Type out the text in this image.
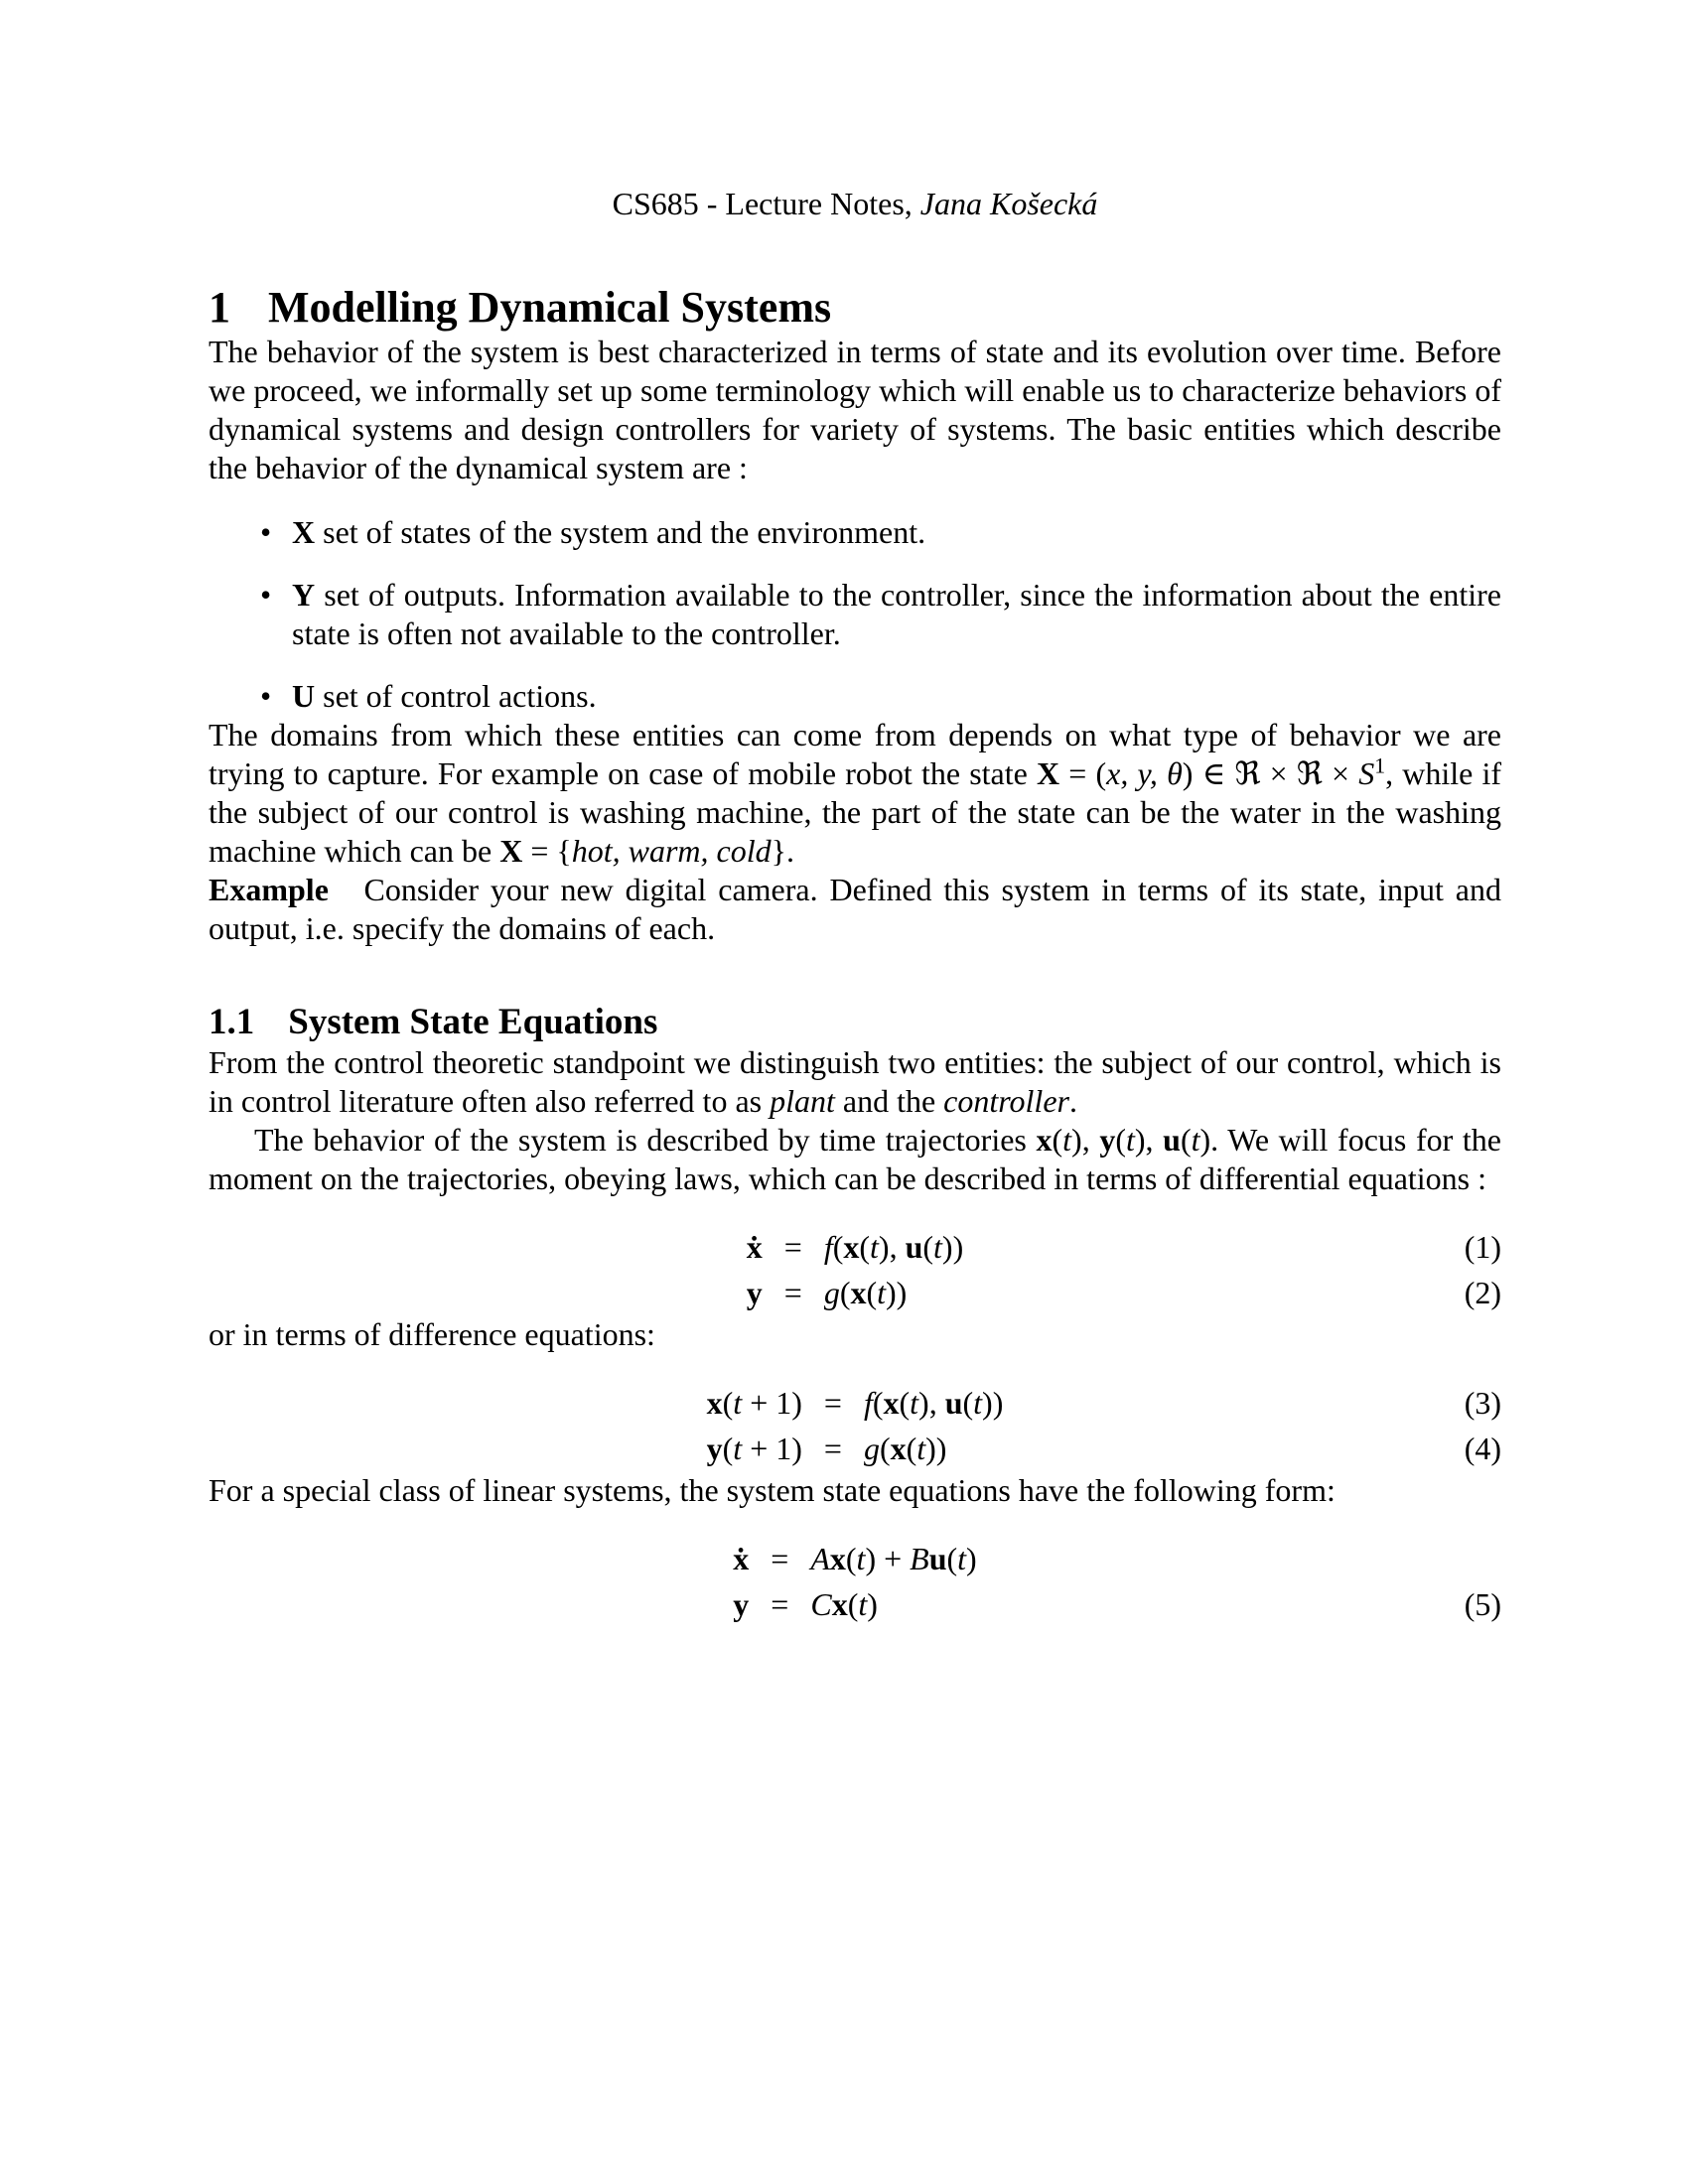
CS685 - Lecture Notes, Jana Košecká
1 Modelling Dynamical Systems

The behavior of the system is best characterized in terms of state and its evolution over time. Before we proceed, we informally set up some terminology which will enable us to characterize behaviors of dynamical systems and design controllers for variety of systems. The basic entities which describe the behavior of the dynamical system are :

• X set of states of the system and the environment.
• Y set of outputs. Information available to the controller, since the information about the entire state is often not available to the controller.
• U set of control actions.

The domains from which these entities can come from depends on what type of behavior we are trying to capture. For example on case of mobile robot the state X = (x, y, θ) ∈ ℜ × ℜ × $S^1$, while if the subject of our control is washing machine, the part of the state can be the water in the washing machine which can be X = {hot, warm, cold}.

Example   Consider your new digital camera. Defined this system in terms of its state, input and output, i.e. specify the domains of each.

1.1 System State Equations

From the control theoretic standpoint we distinguish two entities: the subject of our control, which is in control literature often also referred to as plant and the controller.

The behavior of the system is described by time trajectories x(t), y(t), u(t). We will focus for the moment on the trajectories, obeying laws, which can be described in terms of differential equations :

ẋ = f(x(t), u(t))
y = g(x(t))
(1)
(2)

or in terms of difference equations:

x(t + 1) = f(x(t), u(t))
y(t + 1) = g(x(t))
(3)
(4)

For a special class of linear systems, the system state equations have the following form:

ẋ = Ax(t) + Bu(t)
y = Cx(t)	(5)
